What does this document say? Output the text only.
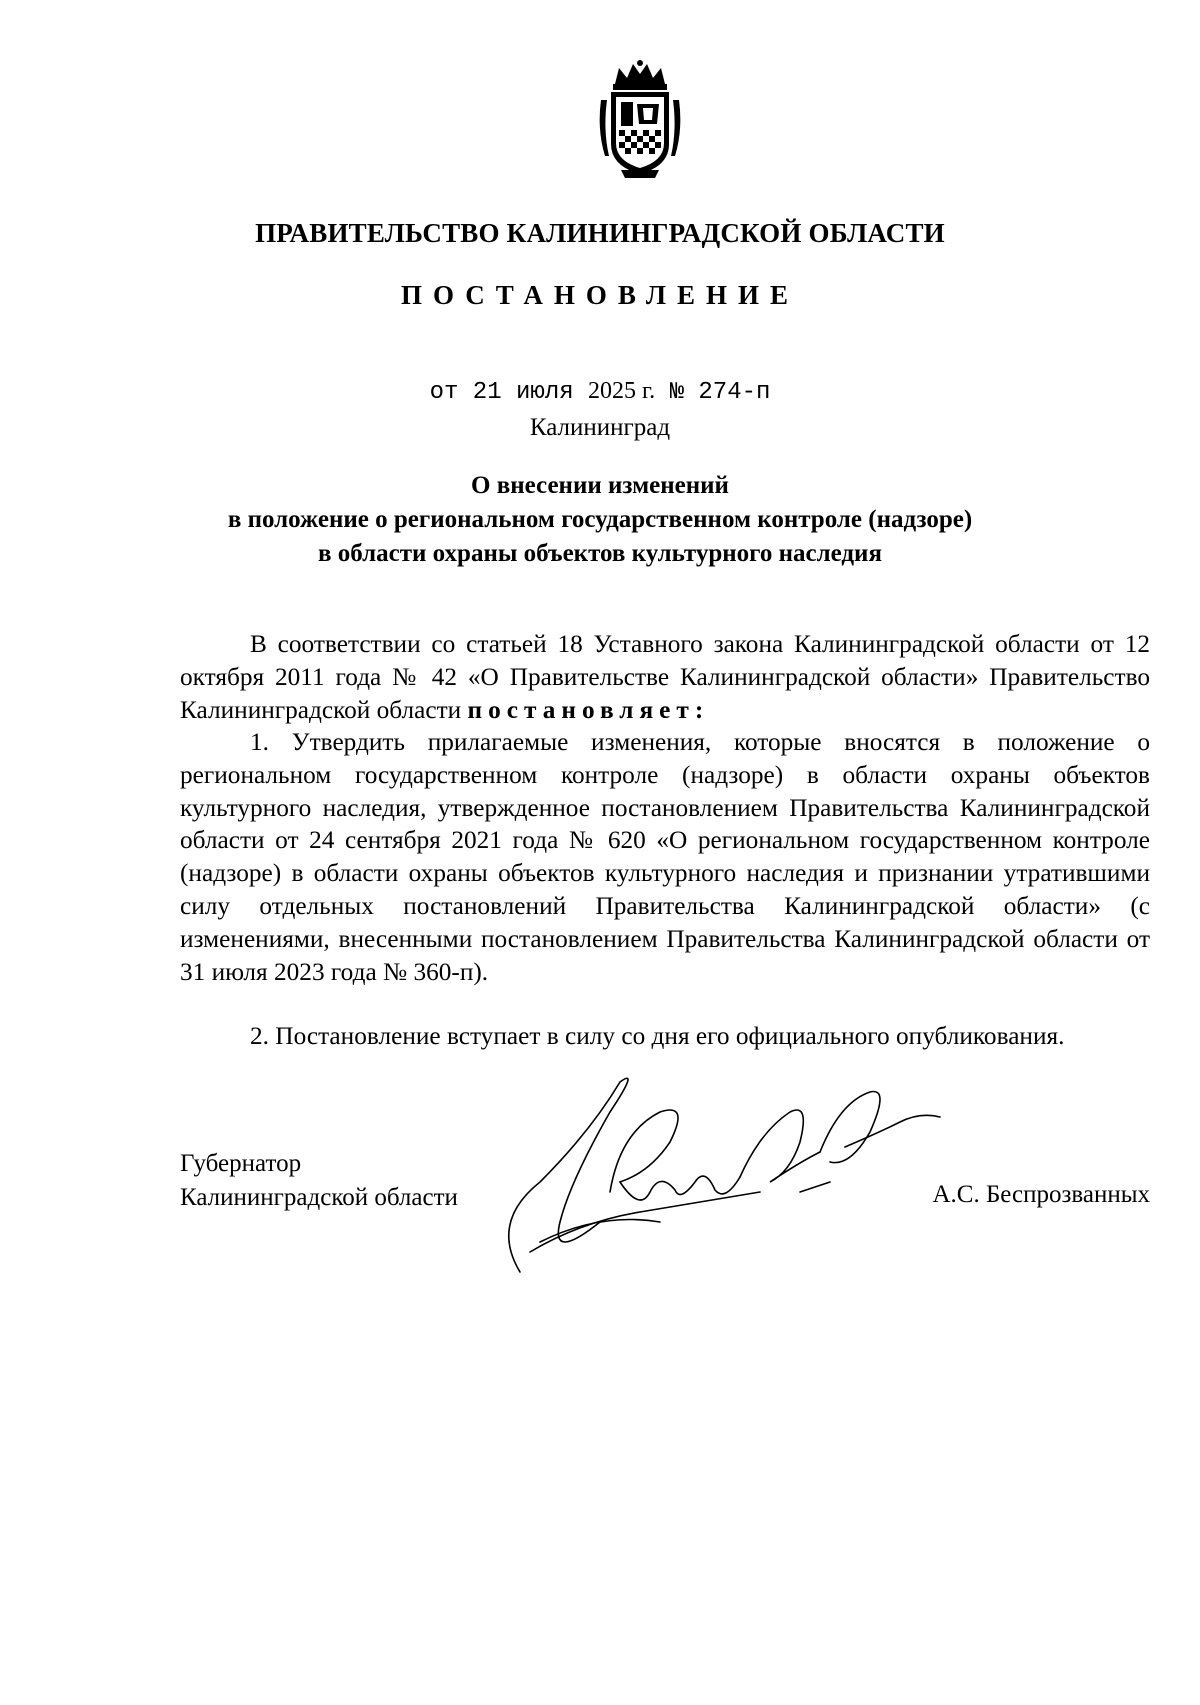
ПРАВИТЕЛЬСТВО КАЛИНИНГРАДСКОЙ ОБЛАСТИ
ПОСТАНОВЛЕНИЕ
от 21 июля 2025 г. № 274-п
Калининград
О внесении изменений
в положение о региональном государственном контроле (надзоре)
в области охраны объектов культурного наследия
В соответствии со статьей 18 Уставного закона Калининградской области от 12 октября 2011 года № 42 «О Правительстве Калининградской области» Правительство Калининградской области постановляет:
1. Утвердить прилагаемые изменения, которые вносятся в положение о региональном государственном контроле (надзоре) в области охраны объектов культурного наследия, утвержденное постановлением Правительства Калининградской области от 24 сентября 2021 года № 620 «О региональном государственном контроле (надзоре) в области охраны объектов культурного наследия и признании утратившими силу отдельных постановлений Правительства Калининградской области» (с изменениями, внесенными постановлением Правительства Калининградской области от 31 июля 2023 года № 360-п).
2. Постановление вступает в силу со дня его официального опубликования.
Губернатор
Калининградской области	А.С. Беспрозванных
